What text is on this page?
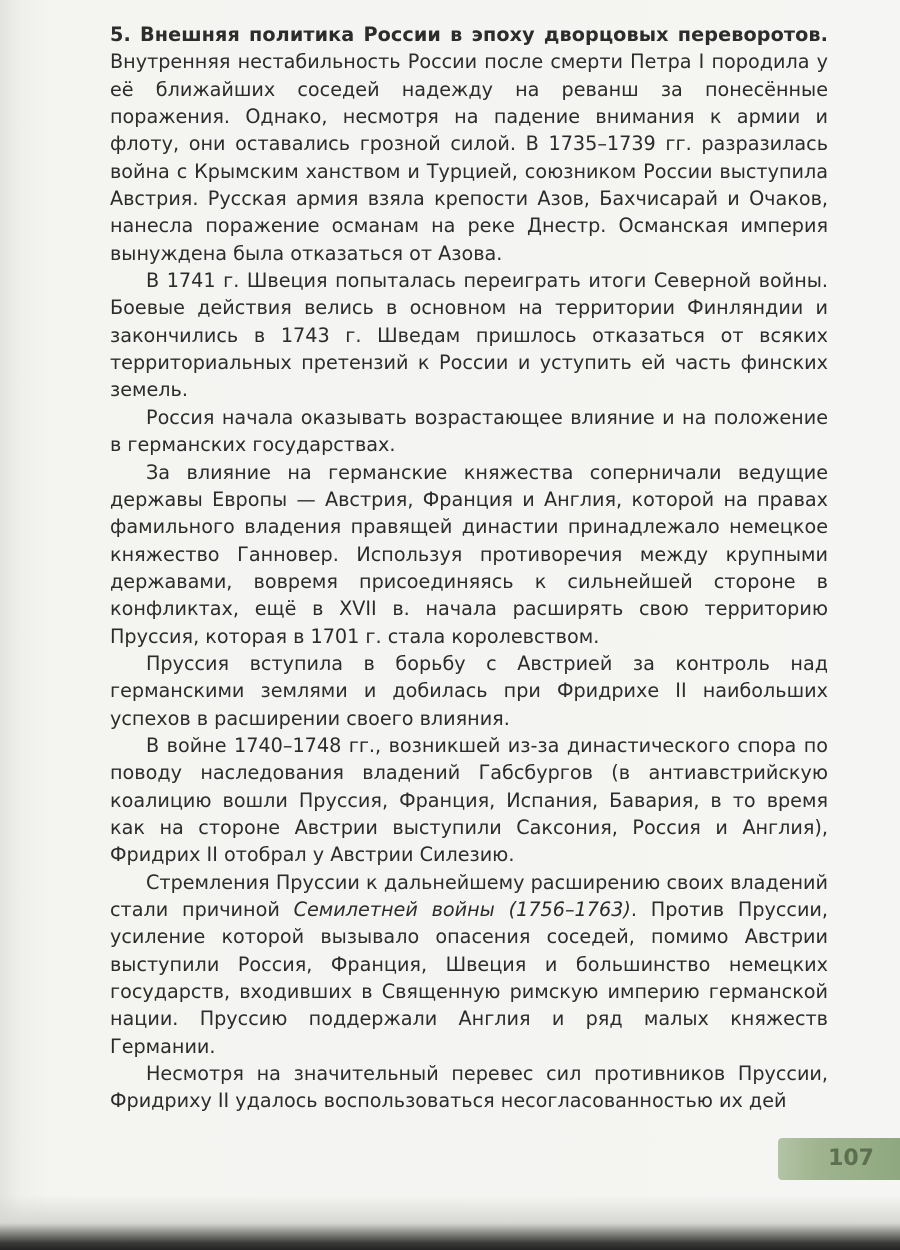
5. Внешняя политика России в эпоху дворцовых переворотов. Внутренняя нестабильность России после смерти Петра I породила у её ближайших соседей надежду на реванш за понесённые поражения. Однако, несмотря на падение внимания к армии и флоту, они оставались грозной силой. В 1735–1739 гг. разразилась война с Крымским ханством и Турцией, союзником России выступила Австрия. Русская армия взяла крепости Азов, Бахчисарай и Очаков, нанесла поражение османам на реке Днестр. Османская империя вынуждена была отказаться от Азова.

В 1741 г. Швеция попыталась переиграть итоги Северной войны. Боевые действия велись в основном на территории Финляндии и закончились в 1743 г. Шведам пришлось отказаться от всяких территориальных претензий к России и уступить ей часть финских земель.

Россия начала оказывать возрастающее влияние и на положение в германских государствах.

За влияние на германские княжества соперничали ведущие державы Европы — Австрия, Франция и Англия, которой на правах фамильного владения правящей династии принадлежало немецкое княжество Ганновер. Используя противоречия между крупными державами, вовремя присоединяясь к сильнейшей стороне в конфликтах, ещё в XVII в. начала расширять свою территорию Пруссия, которая в 1701 г. стала королевством.

Пруссия вступила в борьбу с Австрией за контроль над германскими землями и добилась при Фридрихе II наибольших успехов в расширении своего влияния.

В войне 1740–1748 гг., возникшей из-за династического спора по поводу наследования владений Габсбургов (в антиавстрийскую коалицию вошли Пруссия, Франция, Испания, Бавария, в то время как на стороне Австрии выступили Саксония, Россия и Англия), Фридрих II отобрал у Австрии Силезию.

Стремления Пруссии к дальнейшему расширению своих владений стали причиной Семилетней войны (1756–1763). Против Пруссии, усиление которой вызывало опасения соседей, помимо Австрии выступили Россия, Франция, Швеция и большинство немецких государств, входивших в Священную римскую империю германской нации. Пруссию поддержали Англия и ряд малых княжеств Германии.

Несмотря на значительный перевес сил противников Пруссии, Фридриху II удалось воспользоваться несогласованностью их дей

107
